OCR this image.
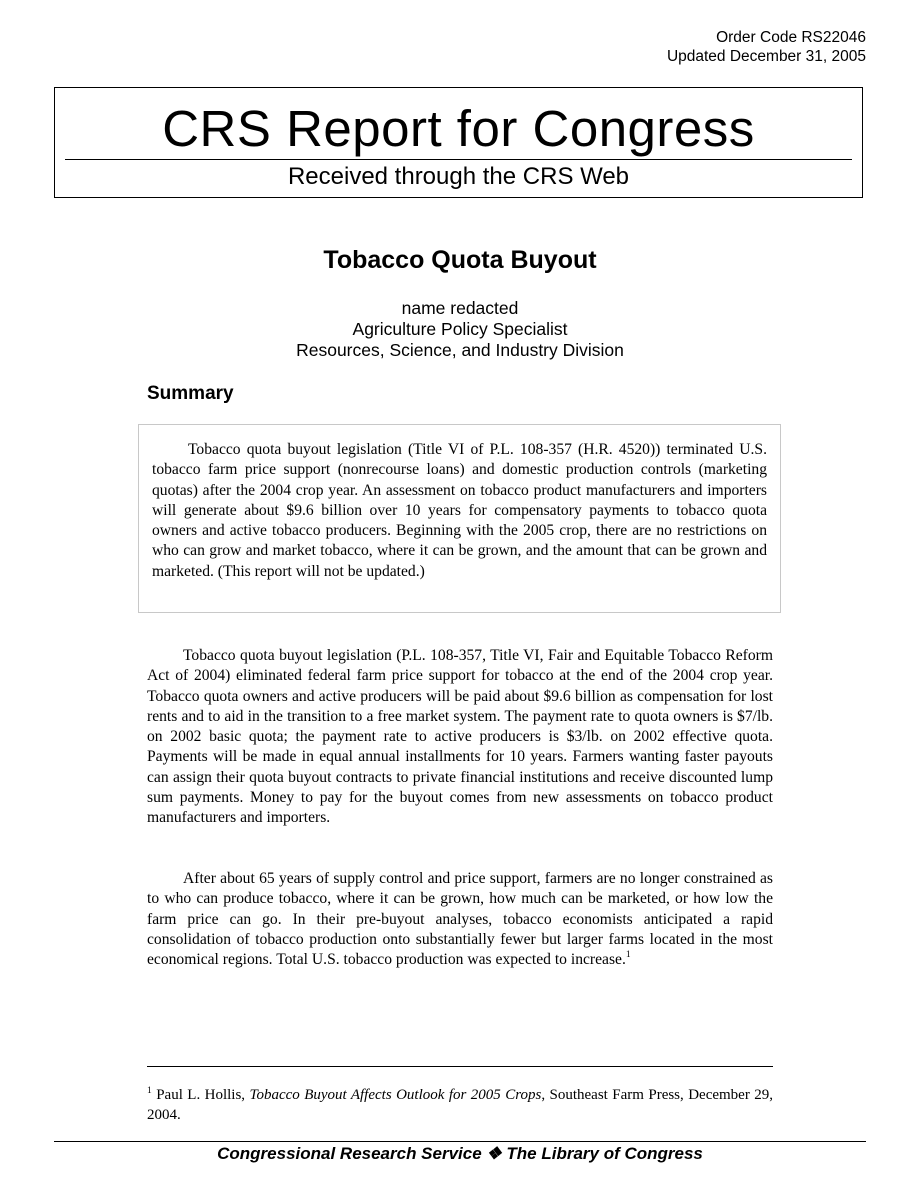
Order Code RS22046
Updated December 31, 2005
CRS Report for Congress
Received through the CRS Web
Tobacco Quota Buyout
name redacted
Agriculture Policy Specialist
Resources, Science, and Industry Division
Summary

Tobacco quota buyout legislation (Title VI of P.L. 108-357 (H.R. 4520)) terminated U.S. tobacco farm price support (nonrecourse loans) and domestic production controls (marketing quotas) after the 2004 crop year. An assessment on tobacco product manufacturers and importers will generate about $9.6 billion over 10 years for compensatory payments to tobacco quota owners and active tobacco producers. Beginning with the 2005 crop, there are no restrictions on who can grow and market tobacco, where it can be grown, and the amount that can be grown and marketed. (This report will not be updated.)

Tobacco quota buyout legislation (P.L. 108-357, Title VI, Fair and Equitable Tobacco Reform Act of 2004) eliminated federal farm price support for tobacco at the end of the 2004 crop year. Tobacco quota owners and active producers will be paid about $9.6 billion as compensation for lost rents and to aid in the transition to a free market system. The payment rate to quota owners is $7/lb. on 2002 basic quota; the payment rate to active producers is $3/lb. on 2002 effective quota. Payments will be made in equal annual installments for 10 years. Farmers wanting faster payouts can assign their quota buyout contracts to private financial institutions and receive discounted lump sum payments. Money to pay for the buyout comes from new assessments on tobacco product manufacturers and importers.

After about 65 years of supply control and price support, farmers are no longer constrained as to who can produce tobacco, where it can be grown, how much can be marketed, or how low the farm price can go. In their pre-buyout analyses, tobacco economists anticipated a rapid consolidation of tobacco production onto substantially fewer but larger farms located in the most economical regions. Total U.S. tobacco production was expected to increase.$^1$

$^1$ Paul L. Hollis, Tobacco Buyout Affects Outlook for 2005 Crops, Southeast Farm Press, December 29, 2004.

Congressional Research Service ❖ The Library of Congress
